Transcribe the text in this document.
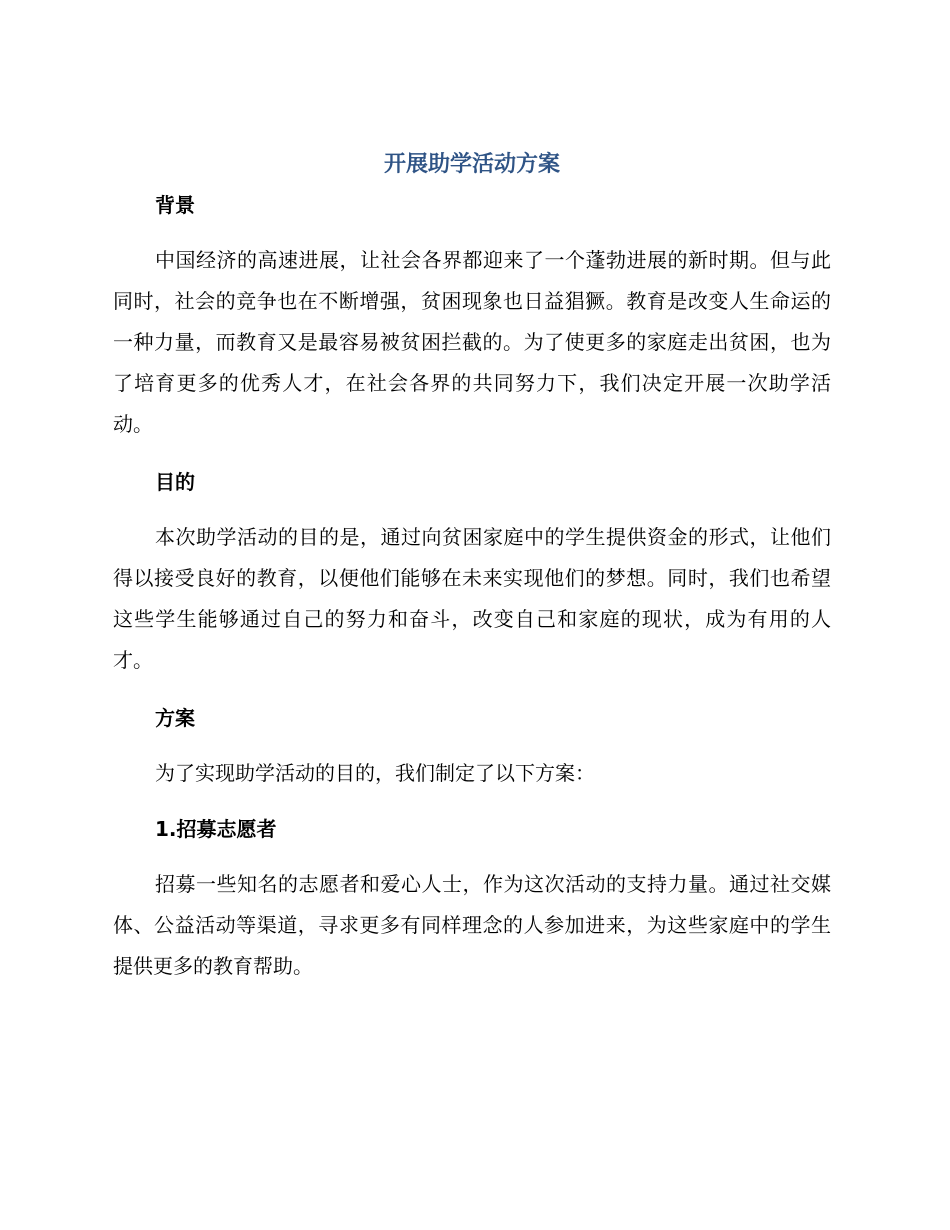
开展助学活动方案
背景

中国经济的高速进展，让社会各界都迎来了一个蓬勃进展的新时期。但与此同时，社会的竞争也在不断增强，贫困现象也日益猖獗。教育是改变人生命运的一种力量，而教育又是最容易被贫困拦截的。为了使更多的家庭走出贫困，也为了培育更多的优秀人才，在社会各界的共同努力下，我们决定开展一次助学活动。

目的

本次助学活动的目的是，通过向贫困家庭中的学生提供资金的形式，让他们得以接受良好的教育，以便他们能够在未来实现他们的梦想。同时，我们也希望这些学生能够通过自己的努力和奋斗，改变自己和家庭的现状，成为有用的人才。

方案

为了实现助学活动的目的，我们制定了以下方案：

1.招募志愿者

招募一些知名的志愿者和爱心人士，作为这次活动的支持力量。通过社交媒体、公益活动等渠道，寻求更多有同样理念的人参加进来，为这些家庭中的学生提供更多的教育帮助。
